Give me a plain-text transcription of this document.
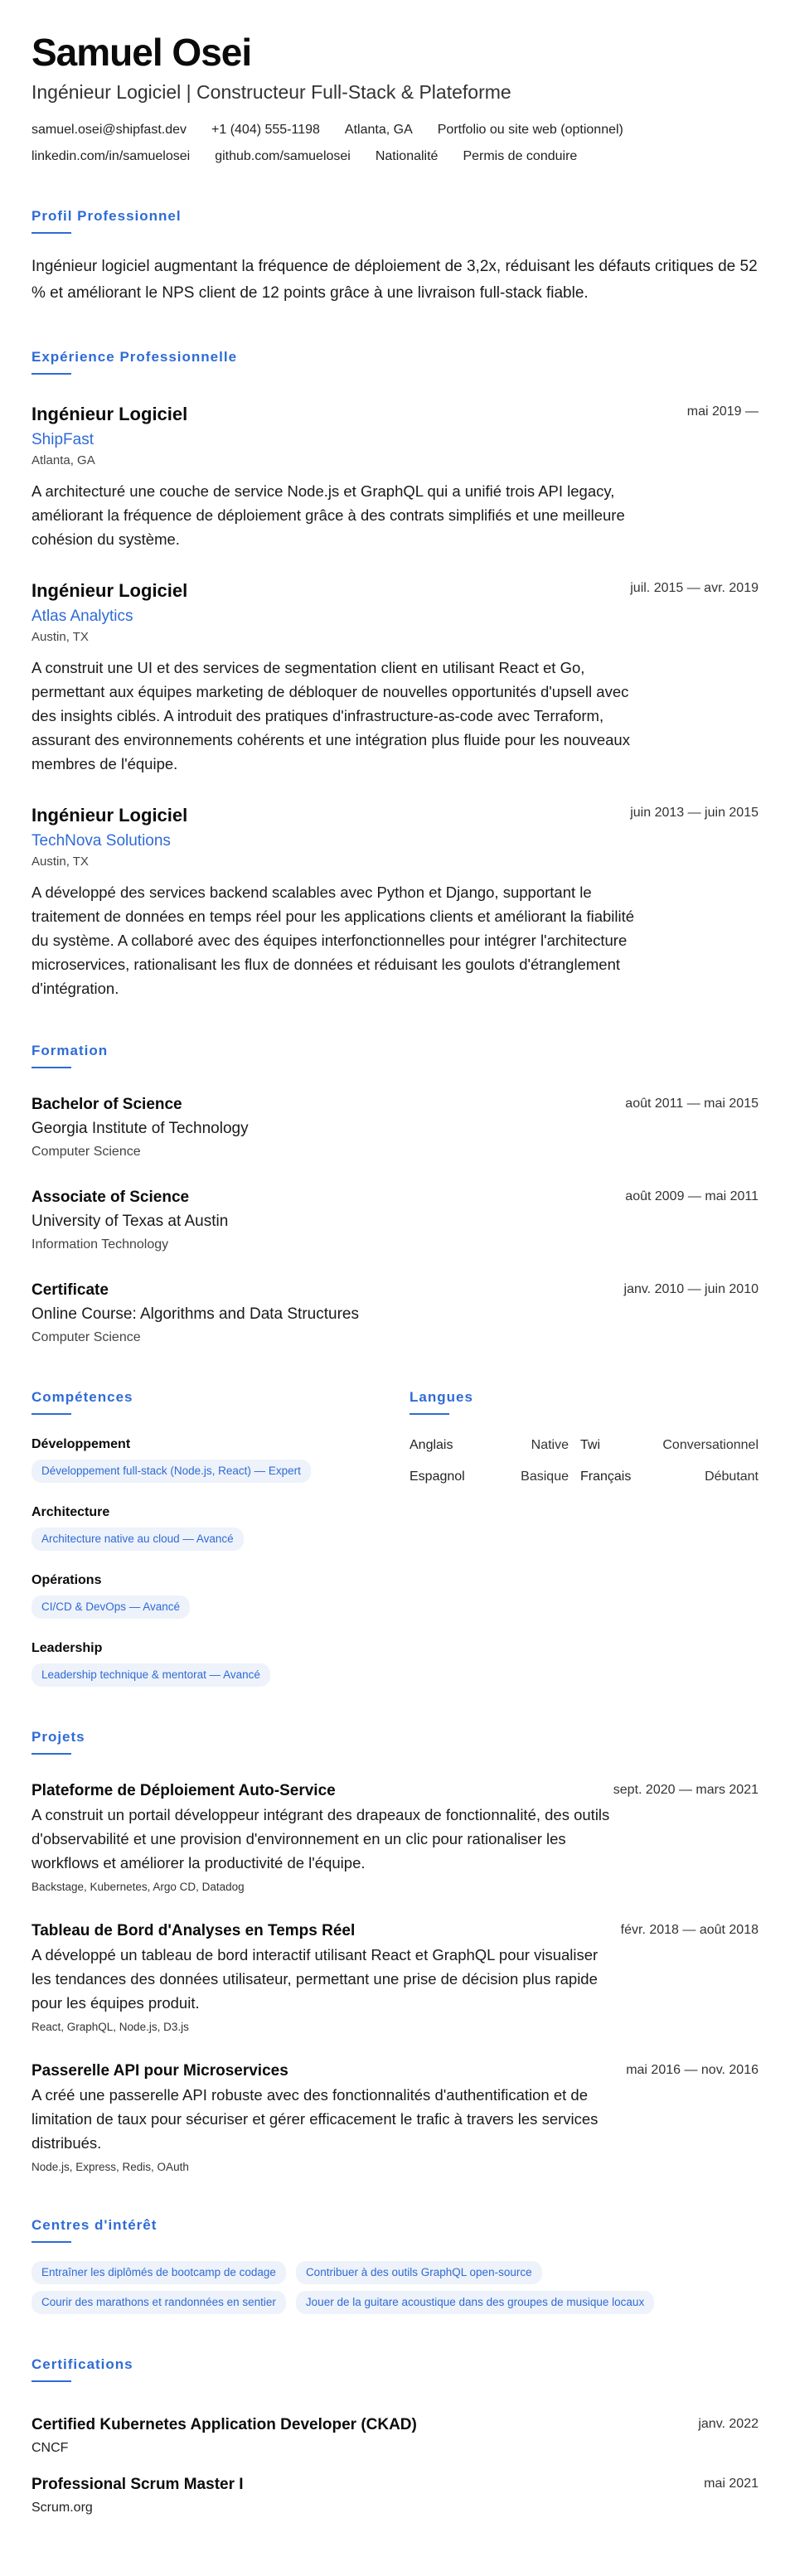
Samuel Osei
Ingénieur Logiciel | Constructeur Full-Stack & Plateforme
samuel.osei@shipfast.dev +1 (404) 555-1198 Atlanta, GA Portfolio ou site web (optionnel)
linkedin.com/in/samuelosei github.com/samuelosei Nationalité Permis de conduire
Profil Professionnel

Ingénieur logiciel augmentant la fréquence de déploiement de 3,2x, réduisant les défauts critiques de 52 % et améliorant le NPS client de 12 points grâce à une livraison full-stack fiable.

Expérience Professionnelle
Ingénieur Logiciel	mai 2019 —
ShipFast
Atlanta, GA

A architecturé une couche de service Node.js et GraphQL qui a unifié trois API legacy, améliorant la fréquence de déploiement grâce à des contrats simplifiés et une meilleure cohésion du système.

Ingénieur Logiciel	juil. 2015 — avr. 2019
Atlas Analytics
Austin, TX

A construit une UI et des services de segmentation client en utilisant React et Go, permettant aux équipes marketing de débloquer de nouvelles opportunités d'upsell avec des insights ciblés. A introduit des pratiques d'infrastructure-as-code avec Terraform, assurant des environnements cohérents et une intégration plus fluide pour les nouveaux membres de l'équipe.

Ingénieur Logiciel	juin 2013 — juin 2015
TechNova Solutions
Austin, TX

A développé des services backend scalables avec Python et Django, supportant le traitement de données en temps réel pour les applications clients et améliorant la fiabilité du système. A collaboré avec des équipes interfonctionnelles pour intégrer l'architecture microservices, rationalisant les flux de données et réduisant les goulots d'étranglement d'intégration.

Formation
Bachelor of Science	août 2011 — mai 2015
Georgia Institute of Technology
Computer Science
Associate of Science	août 2009 — mai 2011
University of Texas at Austin
Information Technology
Certificate	janv. 2010 — juin 2010
Online Course: Algorithms and Data Structures
Computer Science
Compétences
Développement
Développement full-stack (Node.js, React) — Expert
Architecture
Architecture native au cloud — Avancé
Opérations
CI/CD & DevOps — Avancé
Leadership
Leadership technique & mentorat — Avancé
Langues
Anglais	Native Twi	Conversationnel
Espagnol	Basique Français	Débutant
Projets
Plateforme de Déploiement Auto-Service	sept. 2020 — mars 2021

A construit un portail développeur intégrant des drapeaux de fonctionnalité, des outils d'observabilité et une provision d'environnement en un clic pour rationaliser les workflows et améliorer la productivité de l'équipe.

Backstage, Kubernetes, Argo CD, Datadog
Tableau de Bord d'Analyses en Temps Réel	févr. 2018 — août 2018

A développé un tableau de bord interactif utilisant React et GraphQL pour visualiser les tendances des données utilisateur, permettant une prise de décision plus rapide pour les équipes produit.

React, GraphQL, Node.js, D3.js
Passerelle API pour Microservices	mai 2016 — nov. 2016

A créé une passerelle API robuste avec des fonctionnalités d'authentification et de limitation de taux pour sécuriser et gérer efficacement le trafic à travers les services distribués.

Node.js, Express, Redis, OAuth
Centres d'intérêt
Entraîner les diplômés de bootcamp de codage	Contribuer à des outils GraphQL open-source
Courir des marathons et randonnées en sentier	Jouer de la guitare acoustique dans des groupes de musique locaux
Certifications
Certified Kubernetes Application Developer (CKAD)	janv. 2022
CNCF
Professional Scrum Master I	mai 2021
Scrum.org
